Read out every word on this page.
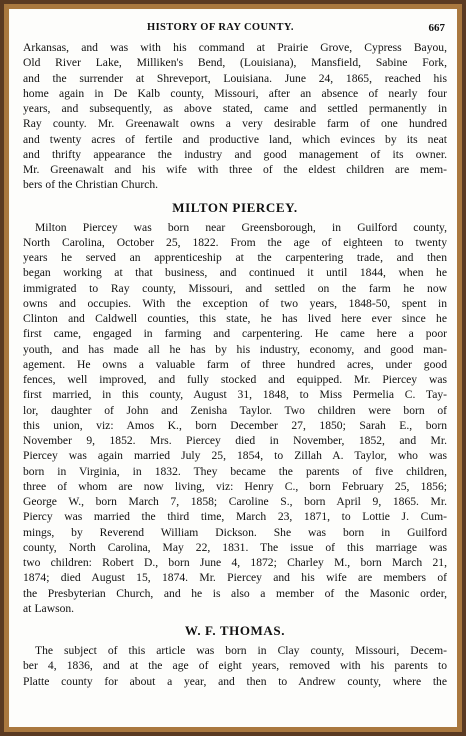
HISTORY OF RAY COUNTY.	667
Arkansas, and was with his command at Prairie Grove, Cypress Bayou,
Old River Lake, Milliken's Bend, (Louisiana), Mansfield, Sabine Fork,
and the surrender at Shreveport, Louisiana. June 24, 1865, reached his
home again in De Kalb county, Missouri, after an absence of nearly four
years, and subsequently, as above stated, came and settled permanently in
Ray county. Mr. Greenawalt owns a very desirable farm of one hundred
and twenty acres of fertile and productive land, which evinces by its neat
and thrifty appearance the industry and good management of its owner.
Mr. Greenawalt and his wife with three of the eldest children are mem-
bers of the Christian Church.
MILTON PIERCEY.
Milton Piercey was born near Greensborough, in Guilford county,
North Carolina, October 25, 1822. From the age of eighteen to twenty
years he served an apprenticeship at the carpentering trade, and then
began working at that business, and continued it until 1844, when he
immigrated to Ray county, Missouri, and settled on the farm he now
owns and occupies. With the exception of two years, 1848-50, spent in
Clinton and Caldwell counties, this state, he has lived here ever since he
first came, engaged in farming and carpentering. He came here a poor
youth, and has made all he has by his industry, economy, and good man-
agement. He owns a valuable farm of three hundred acres, under good
fences, well improved, and fully stocked and equipped. Mr. Piercey was
first married, in this county, August 31, 1848, to Miss Permelia C. Tay-
lor, daughter of John and Zenisha Taylor. Two children were born of
this union, viz: Amos K., born December 27, 1850; Sarah E., born
November 9, 1852. Mrs. Piercey died in November, 1852, and Mr.
Piercey was again married July 25, 1854, to Zillah A. Taylor, who was
born in Virginia, in 1832. They became the parents of five children,
three of whom are now living, viz: Henry C., born February 25, 1856;
George W., born March 7, 1858; Caroline S., born April 9, 1865. Mr.
Piercy was married the third time, March 23, 1871, to Lottie J. Cum-
mings, by Reverend William Dickson. She was born in Guilford
county, North Carolina, May 22, 1831. The issue of this marriage was
two children: Robert D., born June 4, 1872; Charley M., born March 21,
1874; died August 15, 1874. Mr. Piercey and his wife are members of
the Presbyterian Church, and he is also a member of the Masonic order,
at Lawson.
W. F. THOMAS.
The subject of this article was born in Clay county, Missouri, Decem-
ber 4, 1836, and at the age of eight years, removed with his parents to
Platte county for about a year, and then to Andrew county, where the
